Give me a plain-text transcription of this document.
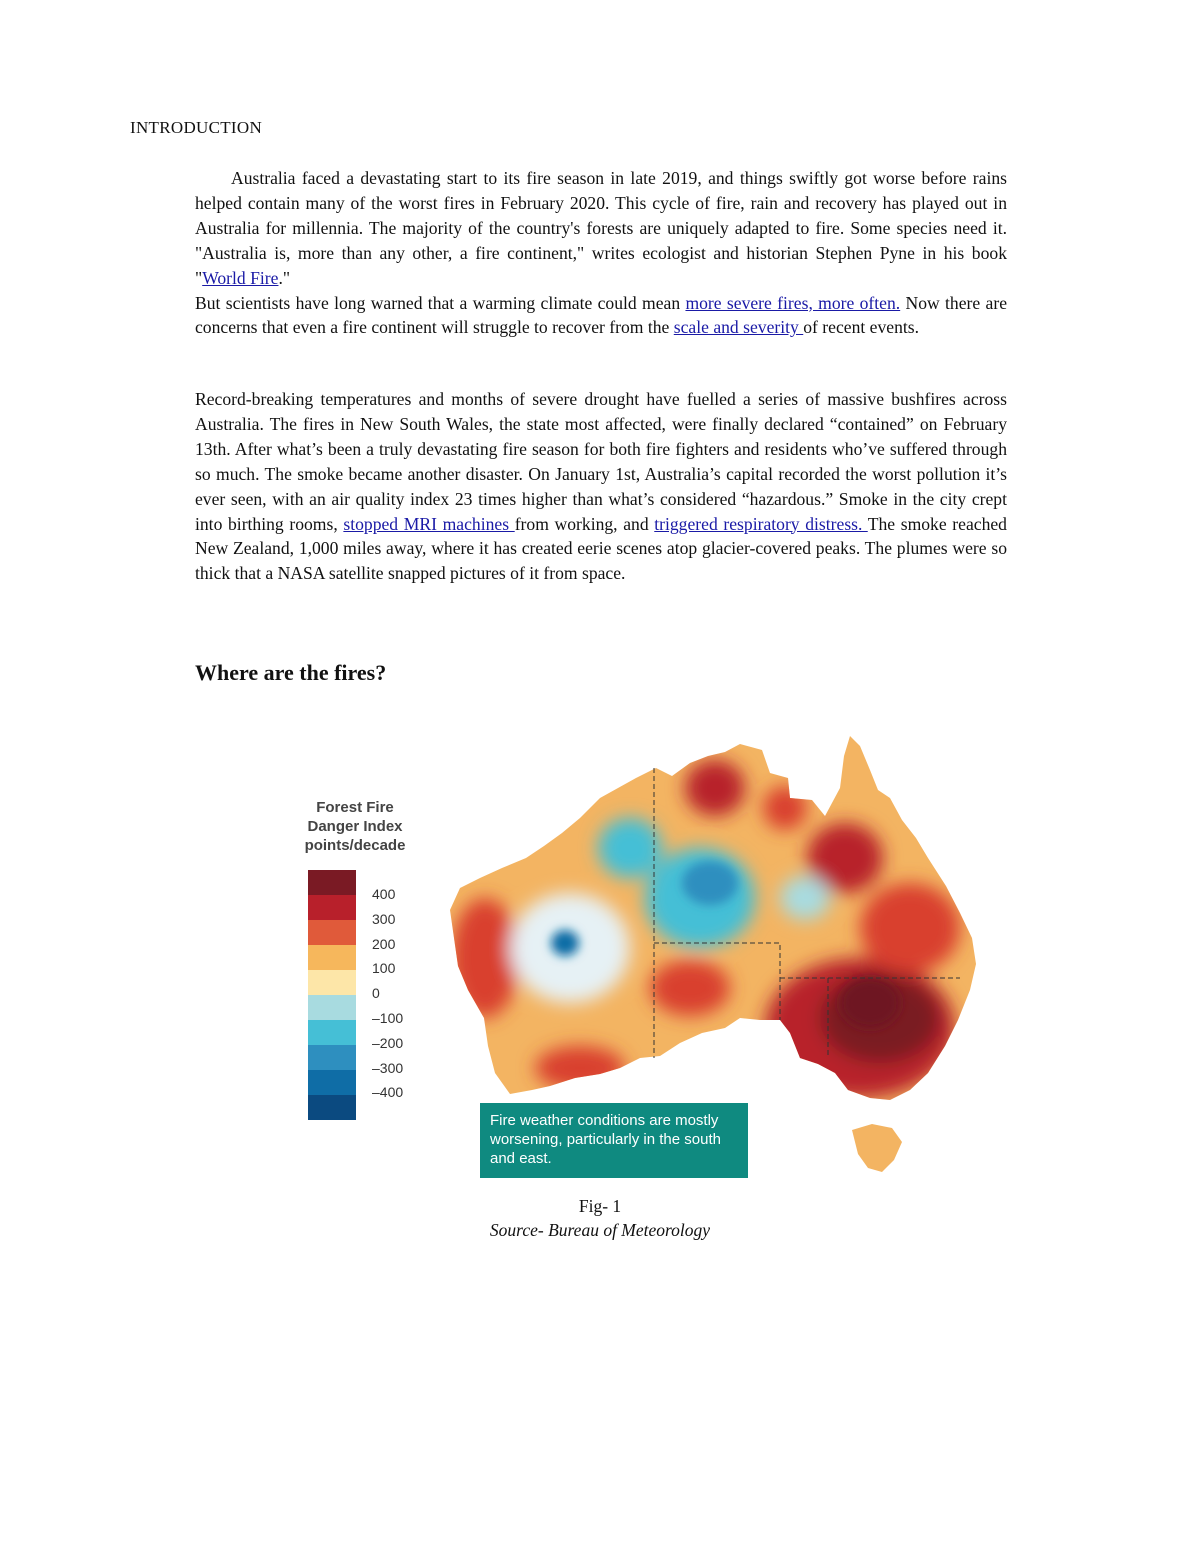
INTRODUCTION
Australia faced a devastating start to its fire season in late 2019, and things swiftly got worse before rains helped contain many of the worst fires in February 2020. This cycle of fire, rain and recovery has played out in Australia for millennia. The majority of the country's forests are uniquely adapted to fire. Some species need it. "Australia is, more than any other, a fire continent," writes ecologist and historian Stephen Pyne in his book "World Fire."
But scientists have long warned that a warming climate could mean more severe fires, more often. Now there are concerns that even a fire continent will struggle to recover from the scale and severity of recent events.
Record-breaking temperatures and months of severe drought have fuelled a series of massive bushfires across Australia. The fires in New South Wales, the state most affected, were finally declared “contained” on February 13th. After what’s been a truly devastating fire season for both fire fighters and residents who’ve suffered through so much. The smoke became another disaster. On January 1st, Australia’s capital recorded the worst pollution it’s ever seen, with an air quality index 23 times higher than what’s considered “hazardous.” Smoke in the city crept into birthing rooms, stopped MRI machines from working, and triggered respiratory distress. The smoke reached New Zealand, 1,000 miles away, where it has created eerie scenes atop glacier-covered peaks. The plumes were so thick that a NASA satellite snapped pictures of it from space.
Where are the fires?
Forest Fire
Danger Index
points/decade
400
300
200
100
0
–100
–200
–300
–400
Fire weather conditions are mostly worsening, particularly in the south and east.
Fig- 1
Source- Bureau of Meteorology
